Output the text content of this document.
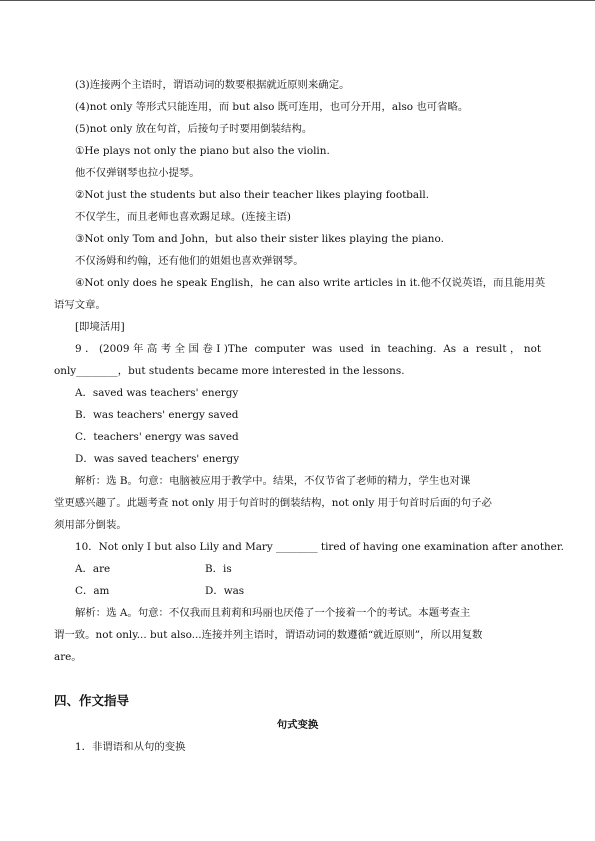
(3)连接两个主语时，谓语动词的数要根据就近原则来确定。
(4)not only 等形式只能连用，而 but also 既可连用，也可分开用，also 也可省略。
(5)not only 放在句首，后接句子时要用倒装结构。
①He plays not only the piano but also the violin.
他不仅弹钢琴也拉小提琴。
②Not just the students but also their teacher likes playing football.
不仅学生，而且老师也喜欢踢足球。(连接主语)
③Not only Tom and John，but also their sister likes playing the piano.
不仅汤姆和约翰，还有他们的姐姐也喜欢弹钢琴。
④Not only does he speak English，he can also write articles in it.他不仅说英语，而且能用英
语写文章。
[即境活用]
9．(2009年高考全国卷Ⅰ)The computer was used in teaching. As a result，not
only________，but students became more interested in the lessons.
A．saved was teachers' energy
B．was teachers' energy saved
C．teachers' energy was saved
D．was saved teachers' energy
解析：选 B。句意：电脑被应用于教学中。结果，不仅节省了老师的精力，学生也对课
堂更感兴趣了。此题考查 not only 用于句首时的倒装结构，not only 用于句首时后面的句子必
须用部分倒装。
10．Not only I but also Lily and Mary ________ tired of having one examination after another.
A．are	B．is
C．am	D．was
解析：选 A。句意：不仅我而且莉莉和玛丽也厌倦了一个接着一个的考试。本题考查主
谓一致。not only... but also...连接并列主语时，谓语动词的数遵循“就近原则”，所以用复数
are。
四、作文指导
句式变换
1．非谓语和从句的变换
